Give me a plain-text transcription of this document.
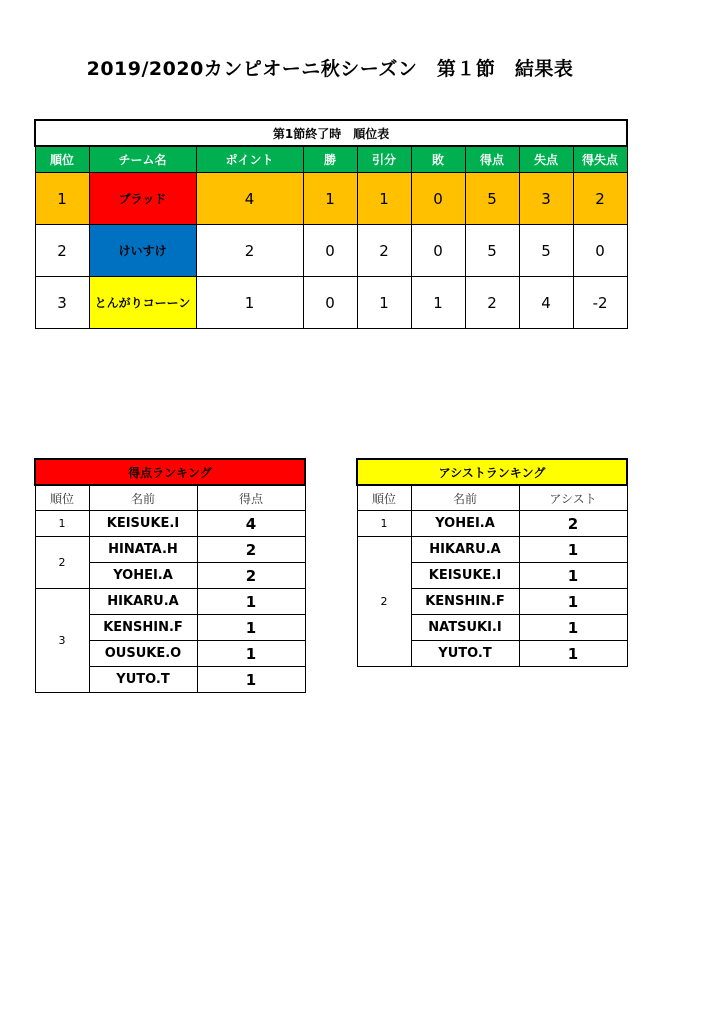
2019/2020カンピオーニ秋シーズン　第１節　結果表
第1節終了時　順位表								
順位	チーム名	ポイント	勝	引分	敗	得点	失点	得失点
1	ブラッド	4	1	1	0	5	3	2
2	けいすけ	2	0	2	0	5	5	0
3	とんがりコーーン	1	0	1	1	2	4	-2
得点ランキング		
順位	名前	得点
1	KEISUKE.I	4
2	HINATA.H	2
	YOHEI.A	2
3	HIKARU.A	1
	KENSHIN.F	1
	OUSUKE.O	1
	YUTO.T	1
アシストランキング		
順位	名前	アシスト
1	YOHEI.A	2
2	HIKARU.A	1
	KEISUKE.I	1
	KENSHIN.F	1
	NATSUKI.I	1
	YUTO.T	1
